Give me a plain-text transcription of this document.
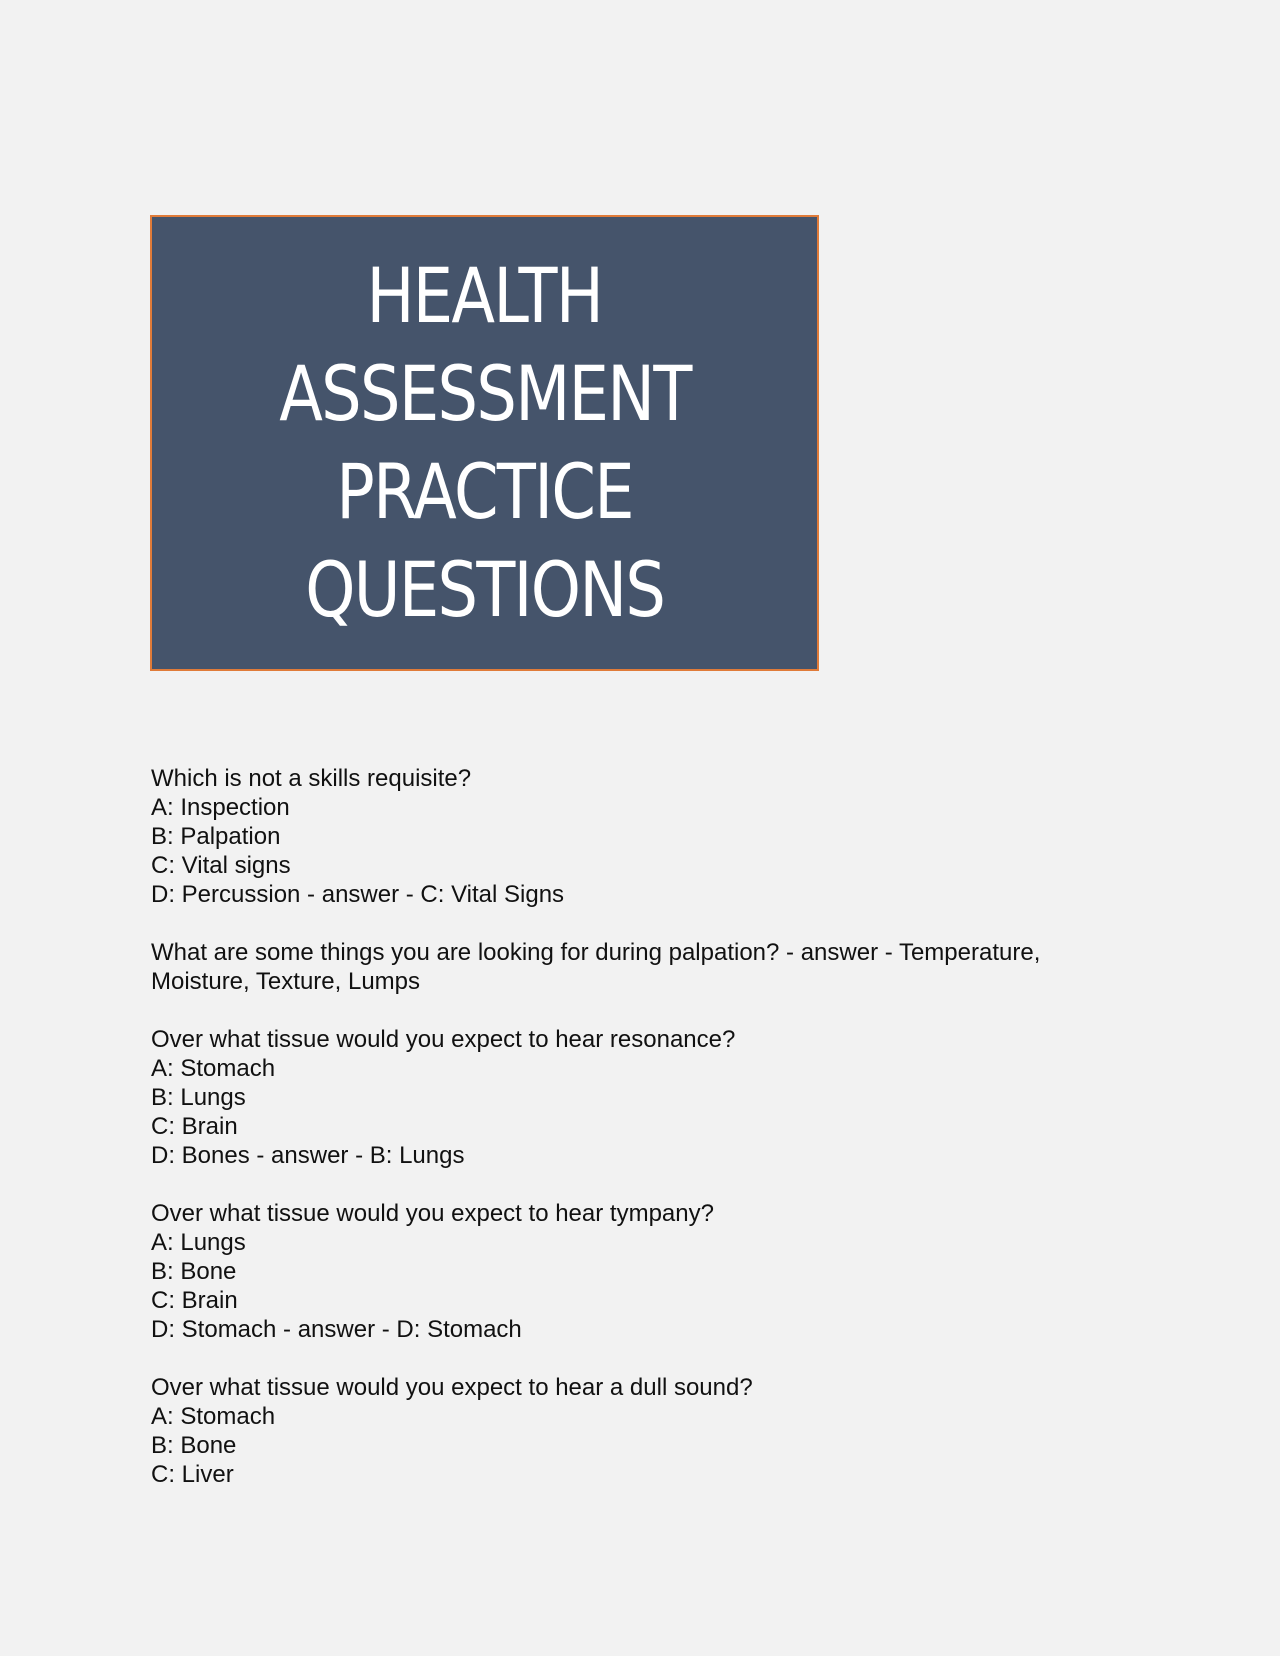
HEALTH
ASSESSMENT
PRACTICE
QUESTIONS
Which is not a skills requisite?
A: Inspection
B: Palpation
C: Vital signs
D: Percussion - answer - C: Vital Signs
What are some things you are looking for during palpation? - answer - Temperature,
Moisture, Texture, Lumps
Over what tissue would you expect to hear resonance?
A: Stomach
B: Lungs
C: Brain
D: Bones - answer - B: Lungs
Over what tissue would you expect to hear tympany?
A: Lungs
B: Bone
C: Brain
D: Stomach - answer - D: Stomach
Over what tissue would you expect to hear a dull sound?
A: Stomach
B: Bone
C: Liver
